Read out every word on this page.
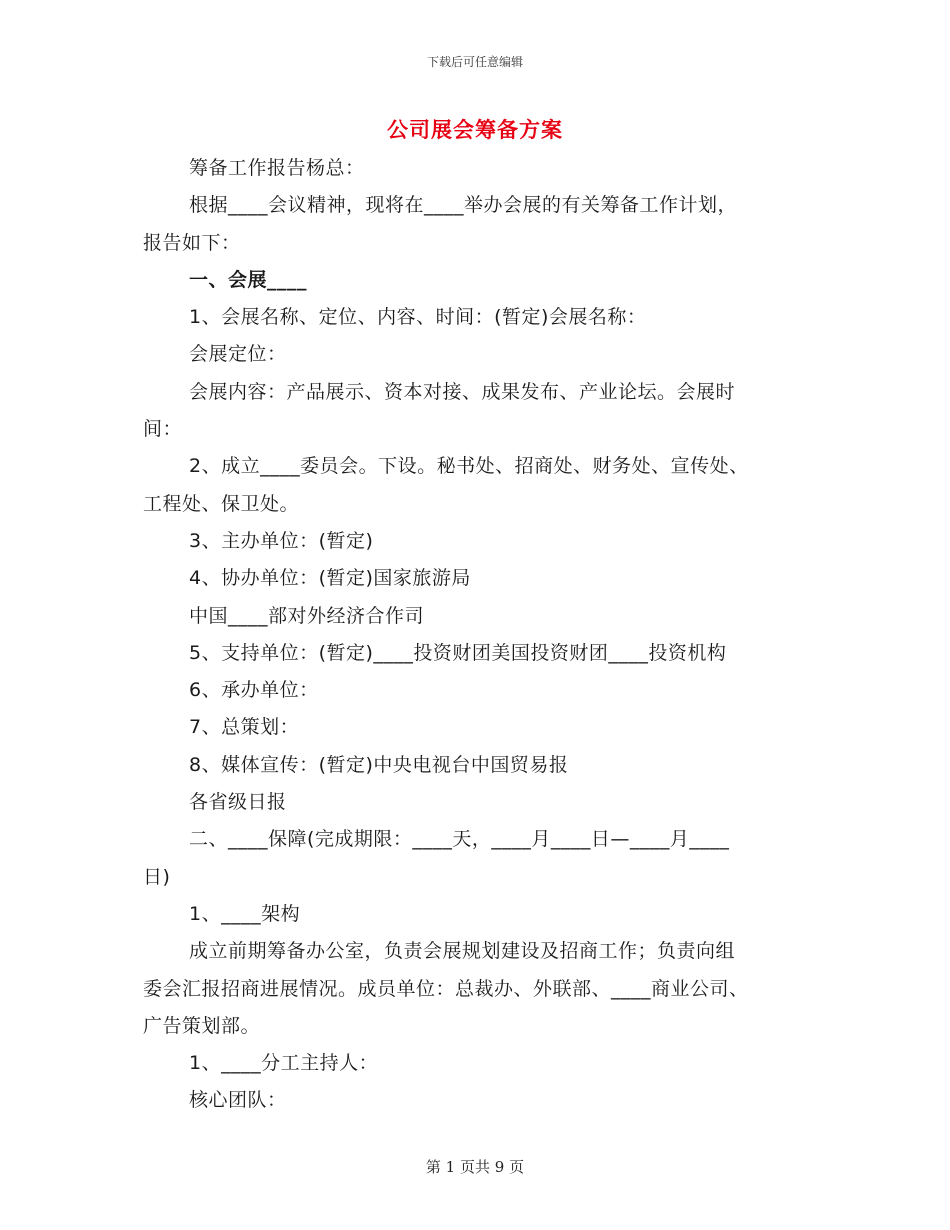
下载后可任意编辑
公司展会筹备方案
筹备工作报告杨总：
根据____会议精神，现将在____举办会展的有关筹备工作计划，
报告如下：
一、会展____
1、会展名称、定位、内容、时间：(暂定)会展名称：
会展定位：
会展内容：产品展示、资本对接、成果发布、产业论坛。会展时
间：
2、成立____委员会。下设。秘书处、招商处、财务处、宣传处、
工程处、保卫处。
3、主办单位：(暂定)
4、协办单位：(暂定)国家旅游局
中国____部对外经济合作司
5、支持单位：(暂定)____投资财团美国投资财团____投资机构
6、承办单位：
7、总策划：
8、媒体宣传：(暂定)中央电视台中国贸易报
各省级日报
二、____保障(完成期限：____天，____月____日—____月____
日)
1、____架构
成立前期筹备办公室，负责会展规划建设及招商工作；负责向组
委会汇报招商进展情况。成员单位：总裁办、外联部、____商业公司、
广告策划部。
1、____分工主持人：
核心团队：
第 1 页共 9 页
